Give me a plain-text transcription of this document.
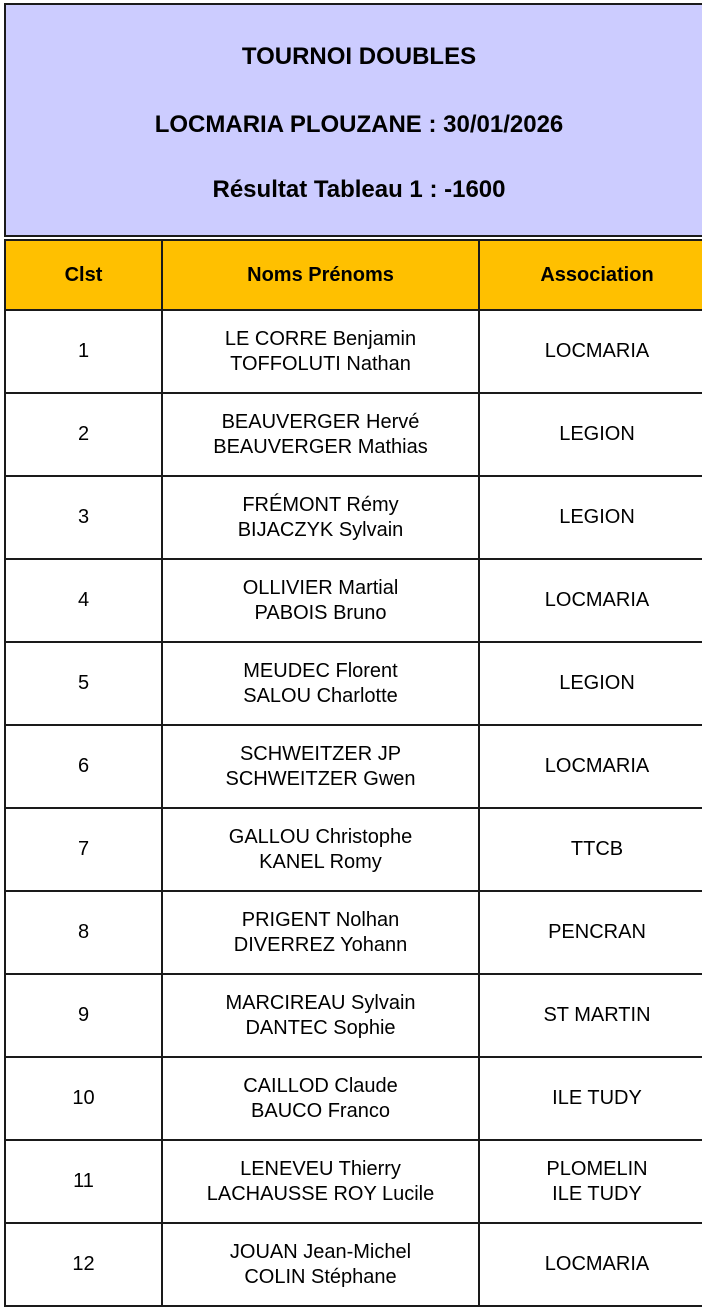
TOURNOI DOUBLES
LOCMARIA PLOUZANE : 30/01/2026
Résultat Tableau 1 : -1600
Clst	Noms Prénoms	Association
1	LE CORRE Benjamin
TOFFOLUTI Nathan	LOCMARIA

2	BEAUVERGER Hervé
BEAUVERGER Mathias	LEGION

3	FRÉMONT Rémy
BIJACZYK Sylvain	LEGION

4	OLLIVIER Martial
PABOIS Bruno	LOCMARIA

5	MEUDEC Florent
SALOU Charlotte	LEGION

6	SCHWEITZER JP
SCHWEITZER Gwen	LOCMARIA

7	GALLOU Christophe
KANEL Romy	TTCB

8	PRIGENT Nolhan
DIVERREZ Yohann	PENCRAN

9	MARCIREAU Sylvain
DANTEC Sophie	ST MARTIN

10	CAILLOD Claude
BAUCO Franco	ILE TUDY

11	LENEVEU Thierry
LACHAUSSE ROY Lucile	PLOMELIN
ILE TUDY

12	JOUAN Jean-Michel
COLIN Stéphane	LOCMARIA
